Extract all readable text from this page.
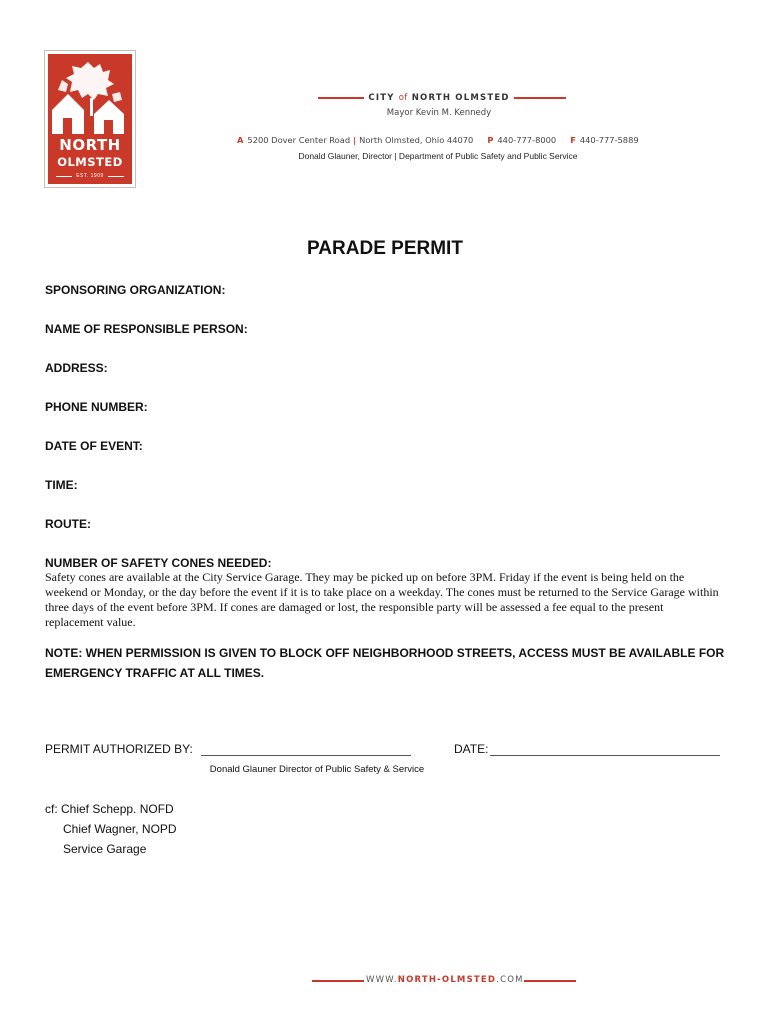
NORTH
OLMSTED
EST. 1909
CITY of NORTH OLMSTED
Mayor Kevin M. Kennedy
A 5200 Dover Center Road | North Olmsted, Ohio 44070 P 440-777-8000 F 440-777-5889
Donald Glauner, Director | Department of Public Safety and Public Service
PARADE PERMIT
SPONSORING ORGANIZATION:
NAME OF RESPONSIBLE PERSON:
ADDRESS:
PHONE NUMBER:
DATE OF EVENT:
TIME:
ROUTE:
NUMBER OF SAFETY CONES NEEDED:

Safety cones are available at the City Service Garage. They may be picked up on before 3PM. Friday if the event is being held on the weekend or Monday, or the day before the event if it is to take place on a weekday. The cones must be returned to the Service Garage within three days of the event before 3PM. If cones are damaged or lost, the responsible party will be assessed a fee equal to the present replacement value.

NOTE: WHEN PERMISSION IS GIVEN TO BLOCK OFF NEIGHBORHOOD STREETS, ACCESS MUST BE AVAILABLE FOR EMERGENCY TRAFFIC AT ALL TIMES.

PERMIT AUTHORIZED BY:	DATE:
Donald Glauner Director of Public Safety & Service
cf: Chief Schepp. NOFD
Chief Wagner, NOPD
Service Garage
WWW.NORTH-OLMSTED.COM
